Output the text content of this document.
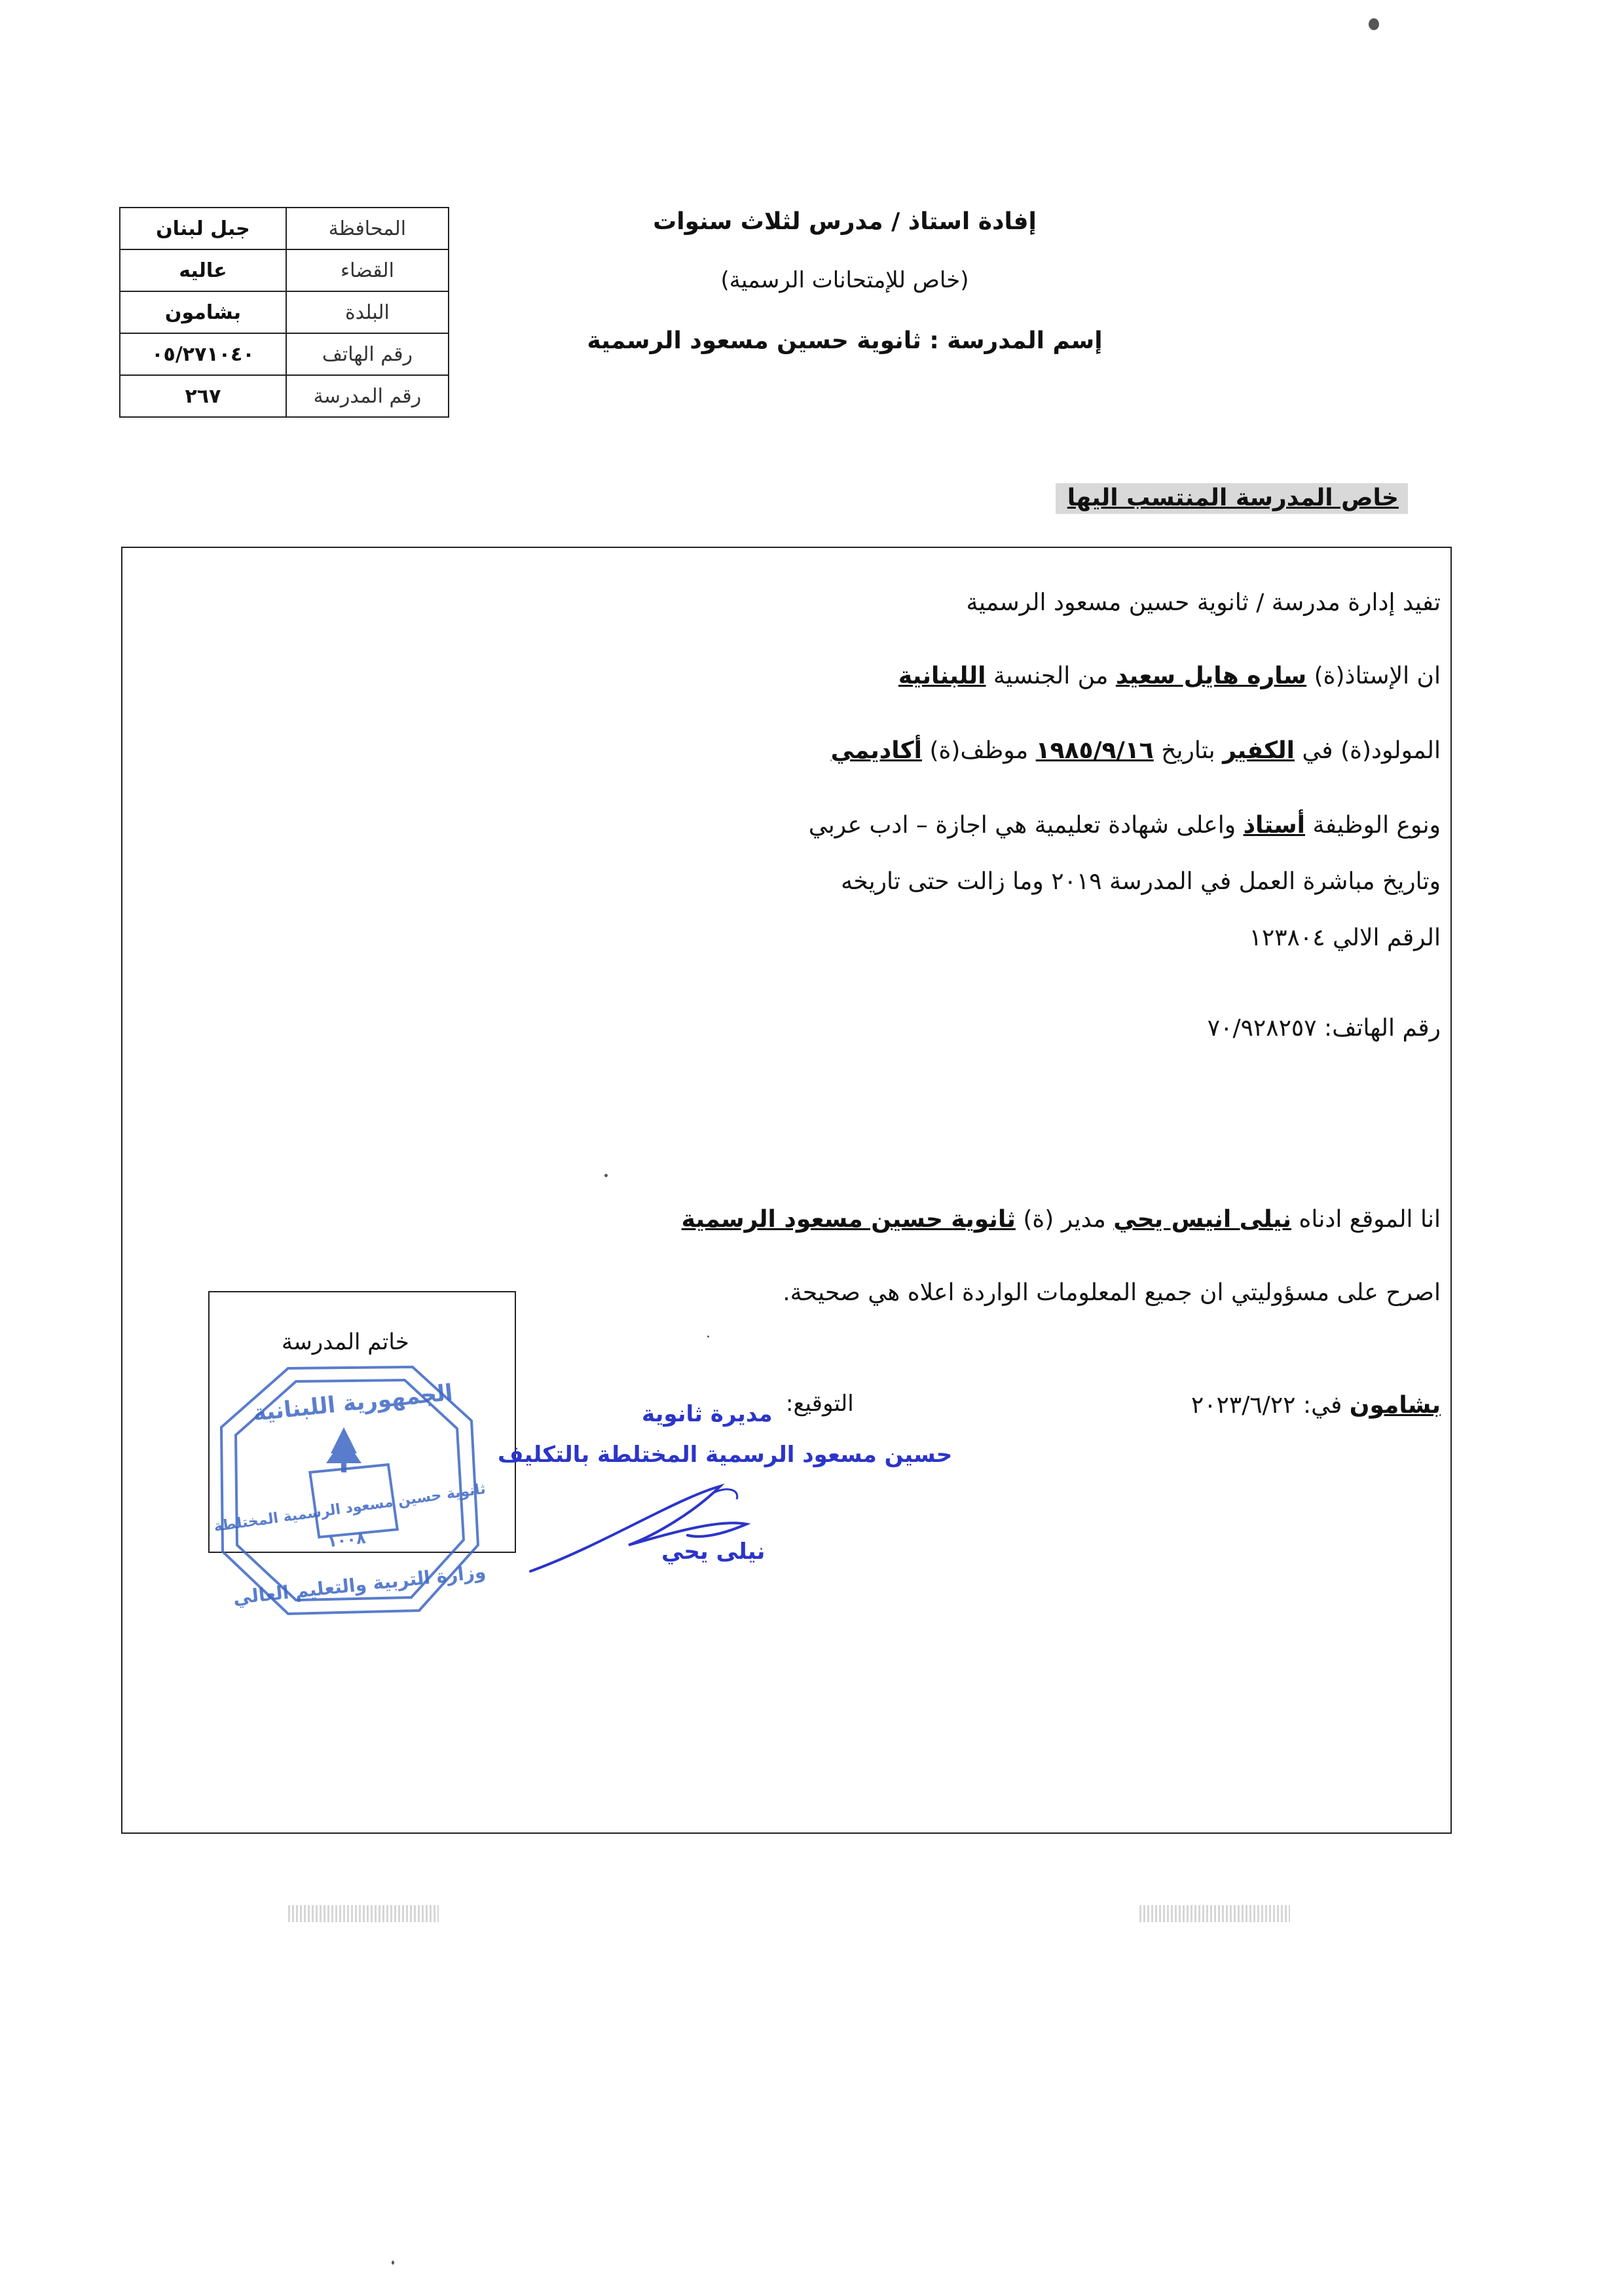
المحافظة	جبل لبنان
القضاء	عاليه
البلدة	بشامون
رقم الهاتف	٠٥/٢٧١٠٤٠
رقم المدرسة	٢٦٧
إفادة استاذ / مدرس لثلاث سنوات
(خاص للإمتحانات الرسمية)
إسم المدرسة : ثانوية حسين مسعود الرسمية
خاص المدرسة المنتسب اليها
تفيد إدارة مدرسة / ثانوية حسين مسعود الرسمية
ان الإستاذ(ة) ساره هايل سعيد من الجنسية اللبنانية
المولود(ة) في الكفير بتاريخ ١٩٨٥/٩/١٦ موظف(ة) أكاديمي
ونوع الوظيفة أستاذ واعلى شهادة تعليمية هي اجازة – ادب عربي
وتاريخ مباشرة العمل في المدرسة ٢٠١٩ وما زالت حتى تاريخه
الرقم الالي ١٢٣٨٠٤
رقم الهاتف: ٧٠/٩٢٨٢٥٧
انا الموقع ادناه نيلى انيس يحي مدير (ة) ثانوية حسين مسعود الرسمية
اصرح على مسؤوليتي ان جميع المعلومات الواردة اعلاه هي صحيحة.
بشامون في: ٢٠٢٣/٦/٢٢
التوقيع:
خاتم المدرسة
الجمهورية اللبنانية
ثانوية حسين مسعود الرسمية المختلطة
١٠٠٨
وزارة التربية والتعليم العالي
مديرة ثانوية
حسين مسعود الرسمية المختلطة بالتكليف
نيلى يحي
